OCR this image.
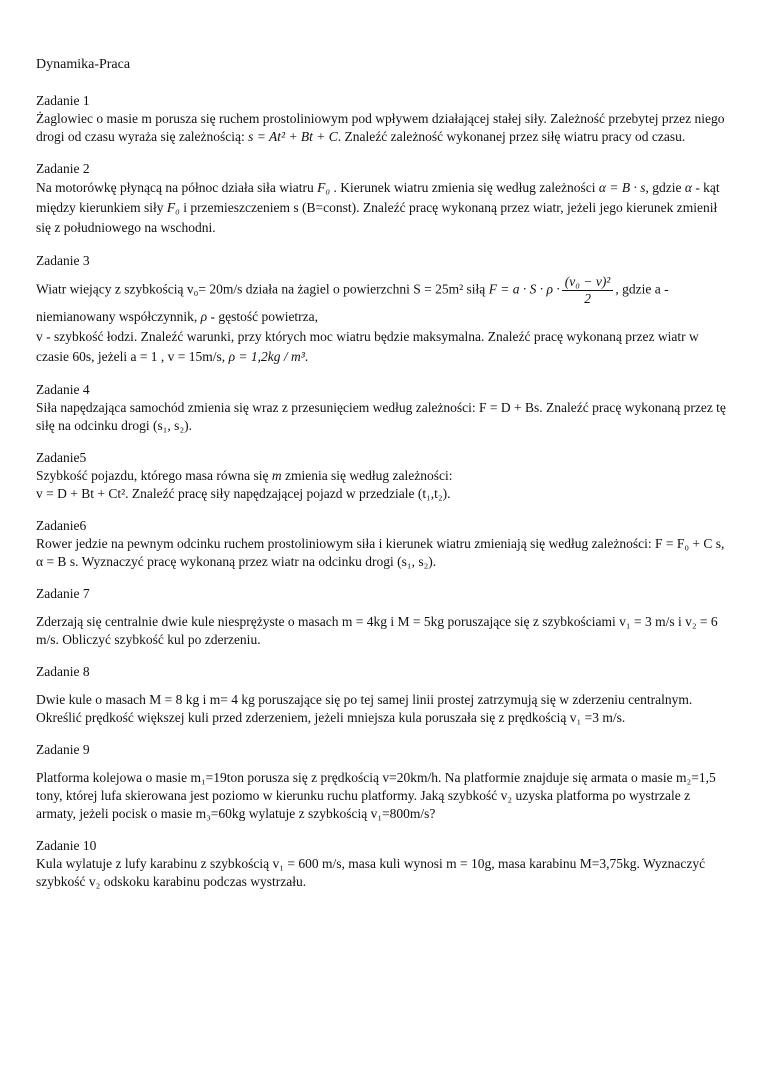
Dynamika-Praca

Zadanie 1

Żaglowiec o masie m porusza się ruchem prostoliniowym pod wpływem działającej stałej siły. Zależność przebytej przez niego drogi od czasu wyraża się zależnością: s = At² + Bt + C. Znaleźć zależność wykonanej przez siłę wiatru pracy od czasu.

Zadanie 2

Na motorówkę płynącą na północ działa siła wiatru F₀ . Kierunek wiatru zmienia się według zależności α = B · s, gdzie α - kąt między kierunkiem siły F₀ i przemieszczeniem s (B=const). Znaleźć pracę wykonaną przez wiatr, jeżeli jego kierunek zmienił się z południowego na wschodni.

Zadanie 3

Wiatr wiejący z szybkością v₀= 20m/s działa na żagiel o powierzchni S = 25m² siłą $F = a \cdot S \cdot \rho \cdot \frac{\text{(v₀ − v)²}}{2}$ , gdzie a - niemianowany współczynnik, ρ - gęstość powietrza,
v - szybkość łodzi. Znaleźć warunki, przy których moc wiatru będzie maksymalna. Znaleźć pracę wykonaną przez wiatr w czasie 60s, jeżeli a = 1 , v = 15m/s, ρ = 1,2kg / m³.

Zadanie 4

Siła napędzająca samochód zmienia się wraz z przesunięciem według zależności: F = D + Bs. Znaleźć pracę wykonaną przez tę siłę na odcinku drogi (s₁, s₂).

Zadanie5

Szybkość pojazdu, którego masa równa się m zmienia się według zależności:
v = D + Bt + Ct². Znaleźć pracę siły napędzającej pojazd w przedziale (t₁,t₂).

Zadanie6

Rower jedzie na pewnym odcinku ruchem prostoliniowym siła i kierunek wiatru zmieniają się według zależności: F = F₀ + C s, α = B s. Wyznaczyć pracę wykonaną przez wiatr na odcinku drogi (s₁, s₂).

Zadanie 7

Zderzają się centralnie dwie kule niesprężyste o masach m = 4kg i M = 5kg poruszające się z szybkościami v₁ = 3 m/s i v₂ = 6 m/s. Obliczyć szybkość kul po zderzeniu.

Zadanie 8

Dwie kule o masach M = 8 kg i m= 4 kg poruszające się po tej samej linii prostej zatrzymują się w zderzeniu centralnym. Określić prędkość większej kuli przed zderzeniem, jeżeli mniejsza kula poruszała się z prędkością v₁ =3 m/s.

Zadanie 9

Platforma kolejowa o masie m₁=19ton porusza się z prędkością v=20km/h. Na platformie znajduje się armata o masie m₂=1,5 tony, której lufa skierowana jest poziomo w kierunku ruchu platformy. Jaką szybkość v₂ uzyska platforma po wystrzale z armaty, jeżeli pocisk o masie m₃=60kg wylatuje z szybkością v₁=800m/s?

Zadanie 10

Kula wylatuje z lufy karabinu z szybkością v₁ = 600 m/s, masa kuli wynosi m = 10g, masa karabinu M=3,75kg. Wyznaczyć szybkość v₂ odskoku karabinu podczas wystrzału.
